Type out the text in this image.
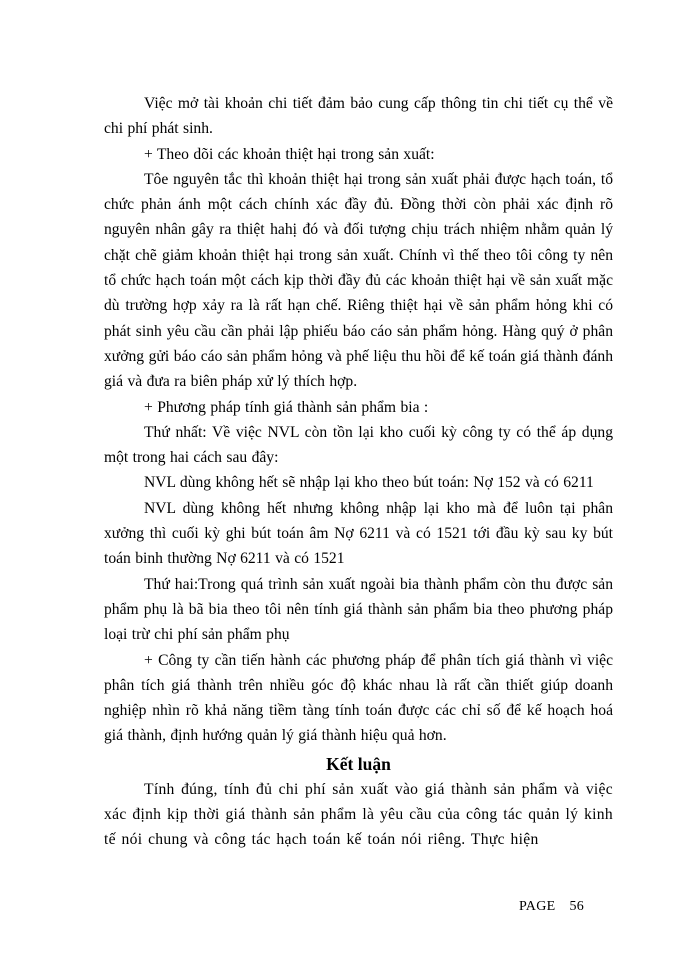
Việc mở tài khoản chi tiết đảm bảo cung cấp thông tin chi tiết cụ thể về chi phí phát sinh.

+ Theo dõi các khoản thiệt hại trong sản xuất:

Tôe nguyên tắc thì khoản thiệt hại trong sản xuất phải được hạch toán, tổ chức phản ánh một cách chính xác đầy đủ. Đồng thời còn phải xác định rõ nguyên nhân gây ra thiệt hahị đó và đối tượng chịu trách nhiệm nhằm quản lý chặt chẽ giảm khoản thiệt hại trong sản xuất. Chính vì thế theo tôi công ty nên tổ chức hạch toán một cách kịp thời đầy đủ các khoản thiệt hại về sản xuất mặc dù trường hợp xảy ra là rất hạn chế. Riêng thiệt hại về sản phẩm hỏng khi có phát sinh yêu cầu cần phải lập phiếu báo cáo sản phẩm hỏng. Hàng quý ở phân xưởng gửi báo cáo sản phẩm hỏng và phế liệu thu hồi để kế toán giá thành đánh giá và đưa ra biên pháp xử lý thích hợp.

+ Phương pháp tính giá thành sản phẩm bia :

Thứ nhất: Về việc NVL còn tồn lại kho cuối kỳ công ty có thể áp dụng một trong hai cách sau đây:

NVL dùng không hết sẽ nhập lại kho theo bút toán: Nợ 152 và có 6211

NVL dùng không hết nhưng không nhập lại kho mà để luôn tại phân xưởng thì cuối kỳ ghi bút toán âm Nợ 6211 và có 1521 tới đầu kỳ sau ky bút toán binh thường Nợ 6211 và có 1521

Thứ hai:Trong quá trình sản xuất ngoài bia thành phẩm còn thu được sản phẩm phụ là bã bia theo tôi nên tính giá thành sản phẩm bia theo phương pháp loại trừ chi phí sản phẩm phụ

+ Công ty cần tiến hành các phương pháp để phân tích giá thành vì việc phân tích giá thành trên nhiều góc độ khác nhau là rất cần thiết giúp doanh nghiệp nhìn rõ khả năng tiềm tàng tính toán được các chỉ số để kế hoạch hoá giá thành, định hướng quản lý giá thành hiệu quả hơn.

Kết luận

Tính đúng, tính đủ chi phí sản xuất vào giá thành sản phẩm và việc xác định kịp thời giá thành sản phẩm là yêu cầu của công tác quản lý kinh tế nói chung và công tác hạch toán kế toán nói riêng. Thực hiện

PAGE 56
